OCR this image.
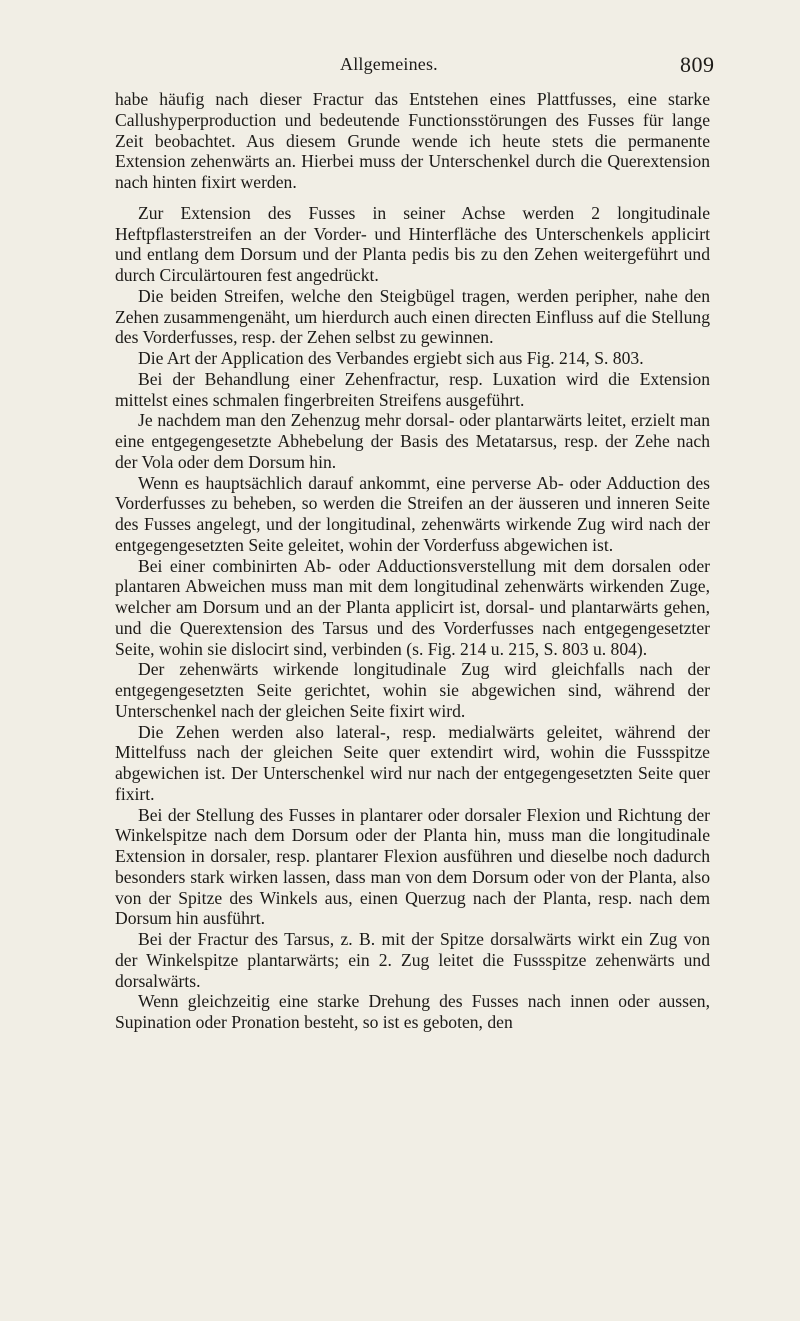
Allgemeines.	809

habe häufig nach dieser Fractur das Entstehen eines Plattfusses, eine starke Callushyperproduction und bedeutende Functionsstörungen des Fusses für lange Zeit beobachtet. Aus diesem Grunde wende ich heute stets die permanente Extension zehenwärts an. Hierbei muss der Unterschenkel durch die Querextension nach hinten fixirt werden.

Zur Extension des Fusses in seiner Achse werden 2 longitudinale Heftpflasterstreifen an der Vorder- und Hinterfläche des Unterschenkels applicirt und entlang dem Dorsum und der Planta pedis bis zu den Zehen weitergeführt und durch Circulärtouren fest angedrückt.

Die beiden Streifen, welche den Steigbügel tragen, werden peripher, nahe den Zehen zusammengenäht, um hierdurch auch einen directen Einfluss auf die Stellung des Vorderfusses, resp. der Zehen selbst zu gewinnen.

Die Art der Application des Verbandes ergiebt sich aus Fig. 214, S. 803.

Bei der Behandlung einer Zehenfractur, resp. Luxation wird die Extension mittelst eines schmalen fingerbreiten Streifens ausgeführt.

Je nachdem man den Zehenzug mehr dorsal- oder plantarwärts leitet, erzielt man eine entgegengesetzte Abhebelung der Basis des Metatarsus, resp. der Zehe nach der Vola oder dem Dorsum hin.

Wenn es hauptsächlich darauf ankommt, eine perverse Ab- oder Adduction des Vorderfusses zu beheben, so werden die Streifen an der äusseren und inneren Seite des Fusses angelegt, und der longitudinal, zehenwärts wirkende Zug wird nach der entgegengesetzten Seite geleitet, wohin der Vorderfuss abgewichen ist.

Bei einer combinirten Ab- oder Adductionsverstellung mit dem dorsalen oder plantaren Abweichen muss man mit dem longitudinal zehenwärts wirkenden Zuge, welcher am Dorsum und an der Planta applicirt ist, dorsal- und plantarwärts gehen, und die Querextension des Tarsus und des Vorderfusses nach entgegengesetzter Seite, wohin sie dislocirt sind, verbinden (s. Fig. 214 u. 215, S. 803 u. 804).

Der zehenwärts wirkende longitudinale Zug wird gleichfalls nach der entgegengesetzten Seite gerichtet, wohin sie abgewichen sind, während der Unterschenkel nach der gleichen Seite fixirt wird.

Die Zehen werden also lateral-, resp. medialwärts geleitet, während der Mittelfuss nach der gleichen Seite quer extendirt wird, wohin die Fussspitze abgewichen ist. Der Unterschenkel wird nur nach der entgegengesetzten Seite quer fixirt.

Bei der Stellung des Fusses in plantarer oder dorsaler Flexion und Richtung der Winkelspitze nach dem Dorsum oder der Planta hin, muss man die longitudinale Extension in dorsaler, resp. plantarer Flexion ausführen und dieselbe noch dadurch besonders stark wirken lassen, dass man von dem Dorsum oder von der Planta, also von der Spitze des Winkels aus, einen Querzug nach der Planta, resp. nach dem Dorsum hin ausführt.

Bei der Fractur des Tarsus, z. B. mit der Spitze dorsalwärts wirkt ein Zug von der Winkelspitze plantarwärts; ein 2. Zug leitet die Fussspitze zehenwärts und dorsalwärts.

Wenn gleichzeitig eine starke Drehung des Fusses nach innen oder aussen, Supination oder Pronation besteht, so ist es geboten, den
